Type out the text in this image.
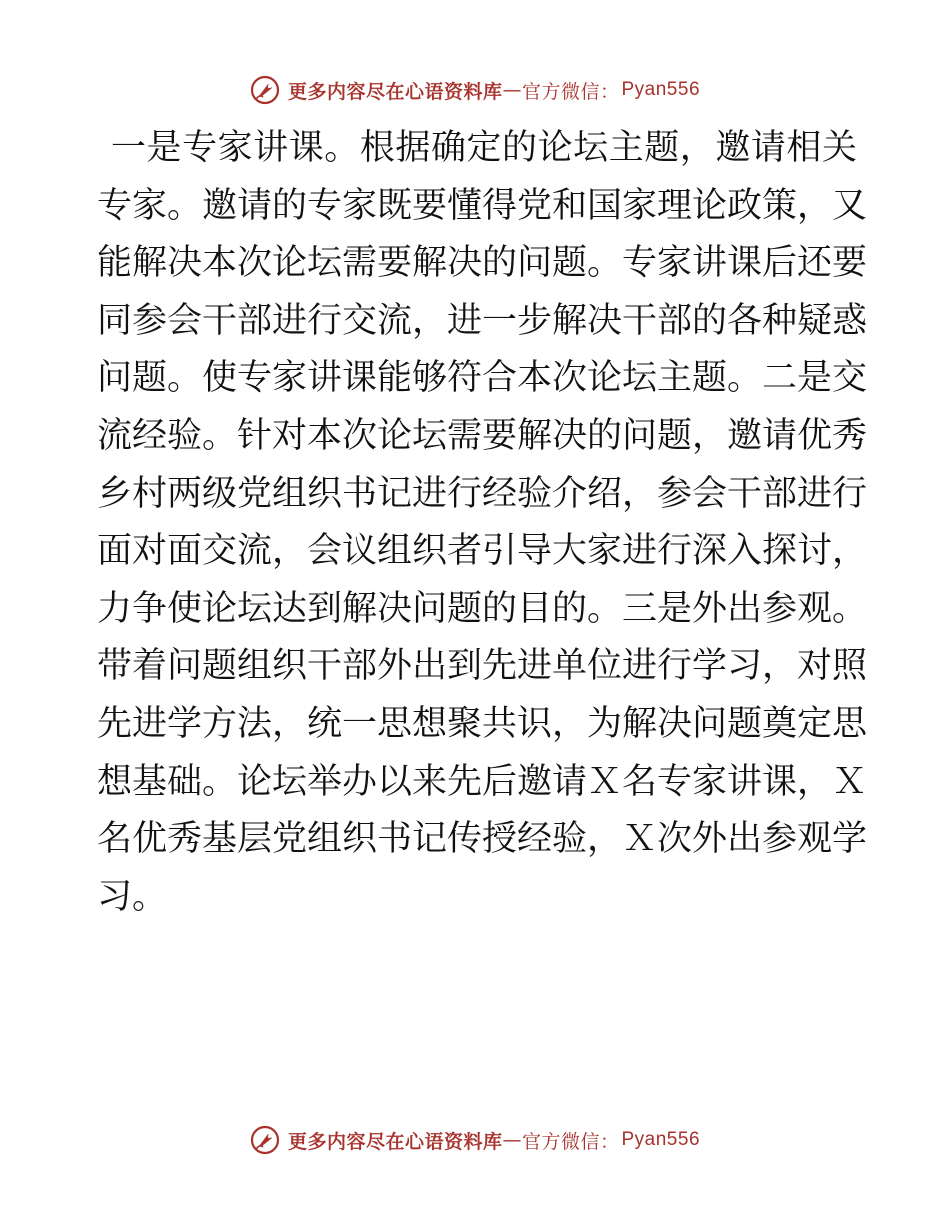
更多内容尽在心语资料库 — 官方微信： Pyan556
一是专家讲课。根据确定的论坛主题，邀请相关
专家。邀请的专家既要懂得党和国家理论政策，又
能解决本次论坛需要解决的问题。专家讲课后还要
同参会干部进行交流，进一步解决干部的各种疑惑
问题。使专家讲课能够符合本次论坛主题。二是交
流经验。针对本次论坛需要解决的问题，邀请优秀
乡村两级党组织书记进行经验介绍，参会干部进行
面对面交流，会议组织者引导大家进行深入探讨，
力争使论坛达到解决问题的目的。三是外出参观。
带着问题组织干部外出到先进单位进行学习，对照
先进学方法，统一思想聚共识，为解决问题奠定思
想基础。论坛举办以来先后邀请Ｘ名专家讲课，Ｘ
名优秀基层党组织书记传授经验，Ｘ次外出参观学
习。
更多内容尽在心语资料库 — 官方微信： Pyan556
